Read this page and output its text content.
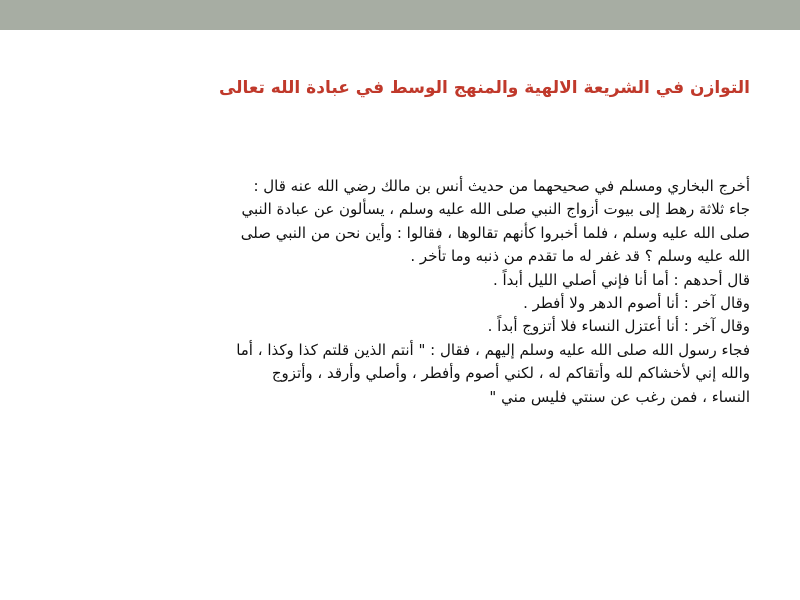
التوازن في الشريعة الالهية والمنهج الوسط في عبادة الله تعالى

أخرج البخاري ومسلم في صحيحهما من حديث أنس بن مالك رضي الله عنه قال :

جاء ثلاثة رهط إلى بيوت أزواج النبي صلى الله عليه وسلم ، يسألون عن عبادة النبي

صلى الله عليه وسلم ، فلما أخبروا كأنهم تقالوها ، فقالوا : وأين نحن من النبي صلى

الله عليه وسلم ؟ قد غفر له ما تقدم من ذنبه وما تأخر .

قال أحدهم : أما أنا فإني أصلي الليل أبداً .

وقال آخر : أنا أصوم الدهر ولا أفطر .

وقال آخر : أنا أعتزل النساء فلا أتزوج أبداً .

فجاء رسول الله صلى الله عليه وسلم إليهم ، فقال : " أنتم الذين قلتم كذا وكذا ، أما

والله إني لأخشاكم لله وأتقاكم له ، لكني أصوم وأفطر ، وأصلي وأرقد ، وأتزوج

النساء ، فمن رغب عن سنتي فليس مني "
